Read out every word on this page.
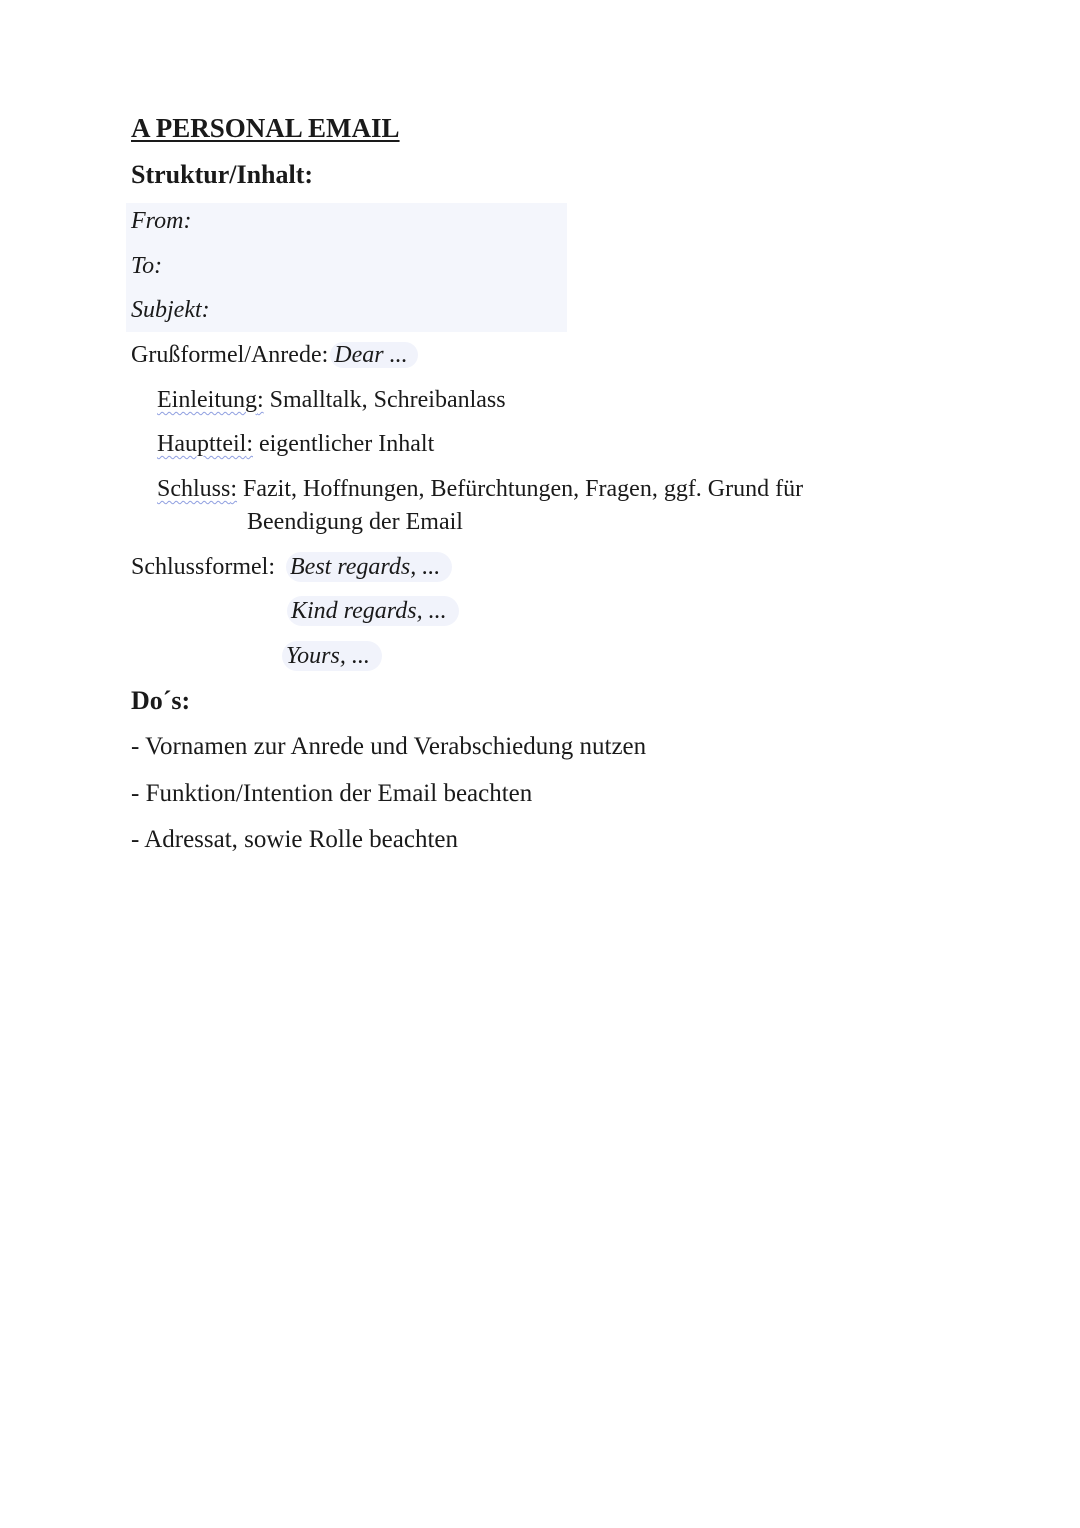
A PERSONAL EMAIL
Struktur/Inhalt:
From:
To:
Subjekt:
Grußformel/Anrede: Dear ...
Einleitung: Smalltalk, Schreibanlass
Hauptteil: eigentlicher Inhalt
Schluss: Fazit, Hoffnungen, Befürchtungen, Fragen, ggf. Grund für
Beendigung der Email
Schlussformel: Best regards, ...
Kind regards, ...
Yours, ...
Do´s:
- Vornamen zur Anrede und Verabschiedung nutzen
- Funktion/Intention der Email beachten
- Adressat, sowie Rolle beachten
